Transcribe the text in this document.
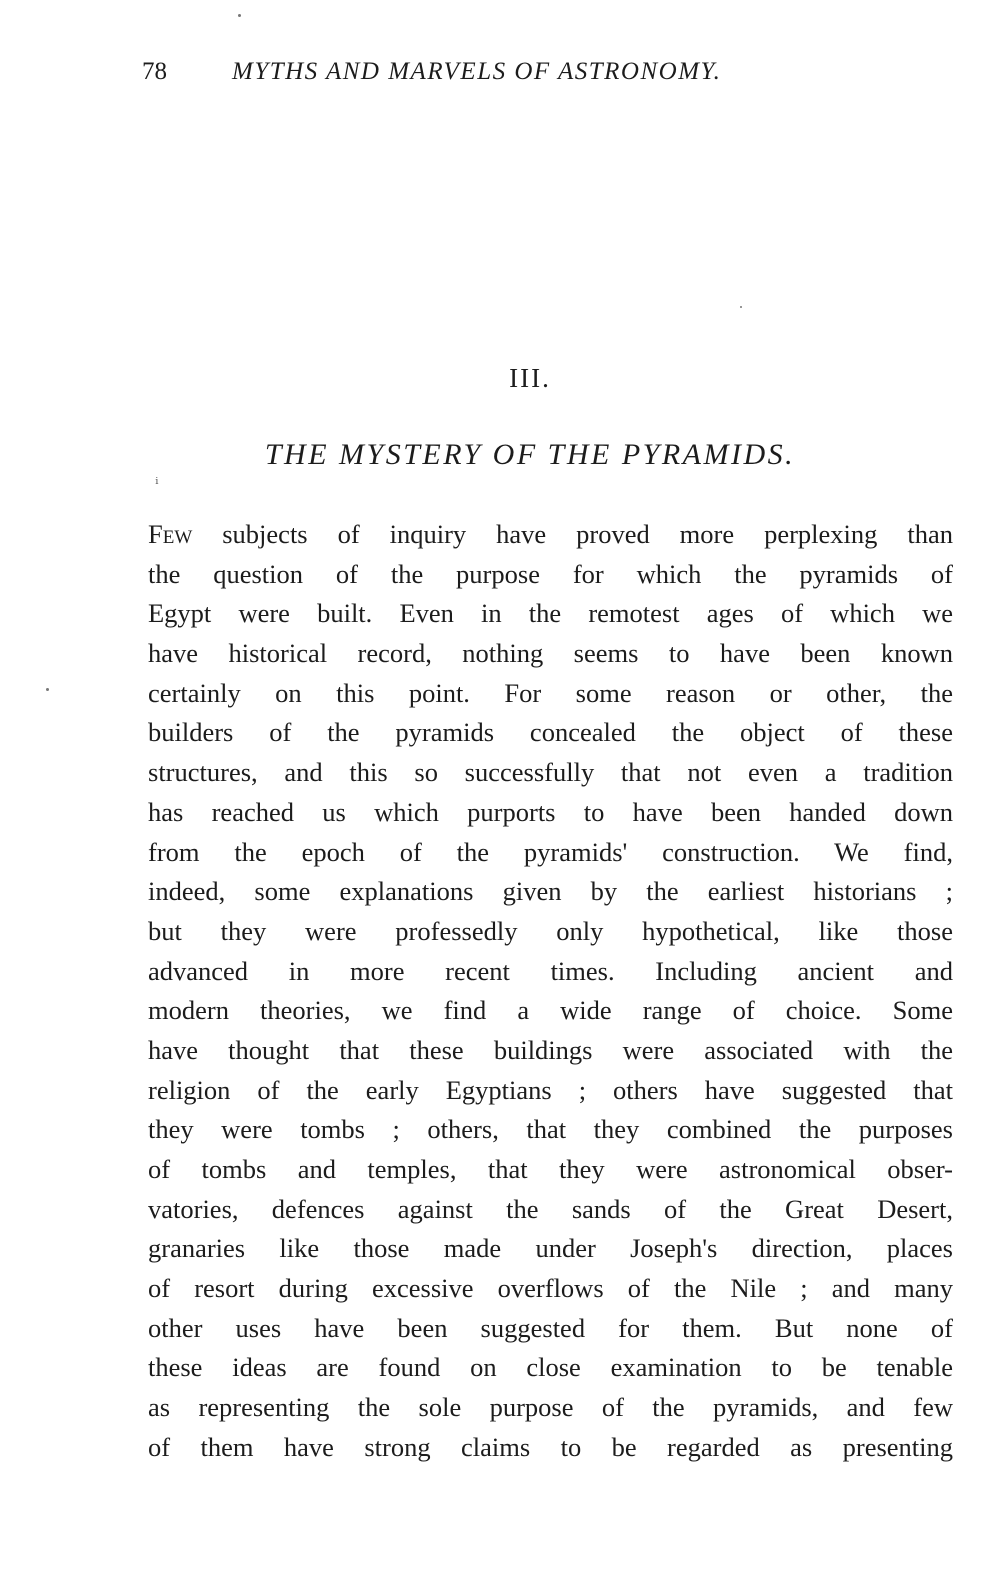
78	MYTHS AND MARVELS OF ASTRONOMY.
III.
THE MYSTERY OF THE PYRAMIDS.
 ⁱ
Few subjects of inquiry have proved more perplexing than
the question of the purpose for which the pyramids of
Egypt were built. Even in the remotest ages of which we
have historical record, nothing seems to have been known
certainly on this point. For some reason or other, the
builders of the pyramids concealed the object of these
structures, and this so successfully that not even a tradition
has reached us which purports to have been handed down
from the epoch of the pyramids' construction. We find,
indeed, some explanations given by the earliest historians ;
but they were professedly only hypothetical, like those
advanced in more recent times. Including ancient and
modern theories, we find a wide range of choice. Some
have thought that these buildings were associated with the
religion of the early Egyptians ; others have suggested that
they were tombs ; others, that they combined the purposes
of tombs and temples, that they were astronomical obser-
vatories, defences against the sands of the Great Desert,
granaries like those made under Joseph's direction, places
of resort during excessive overflows of the Nile ; and many
other uses have been suggested for them. But none of
these ideas are found on close examination to be tenable
as representing the sole purpose of the pyramids, and few
of them have strong claims to be regarded as presenting
